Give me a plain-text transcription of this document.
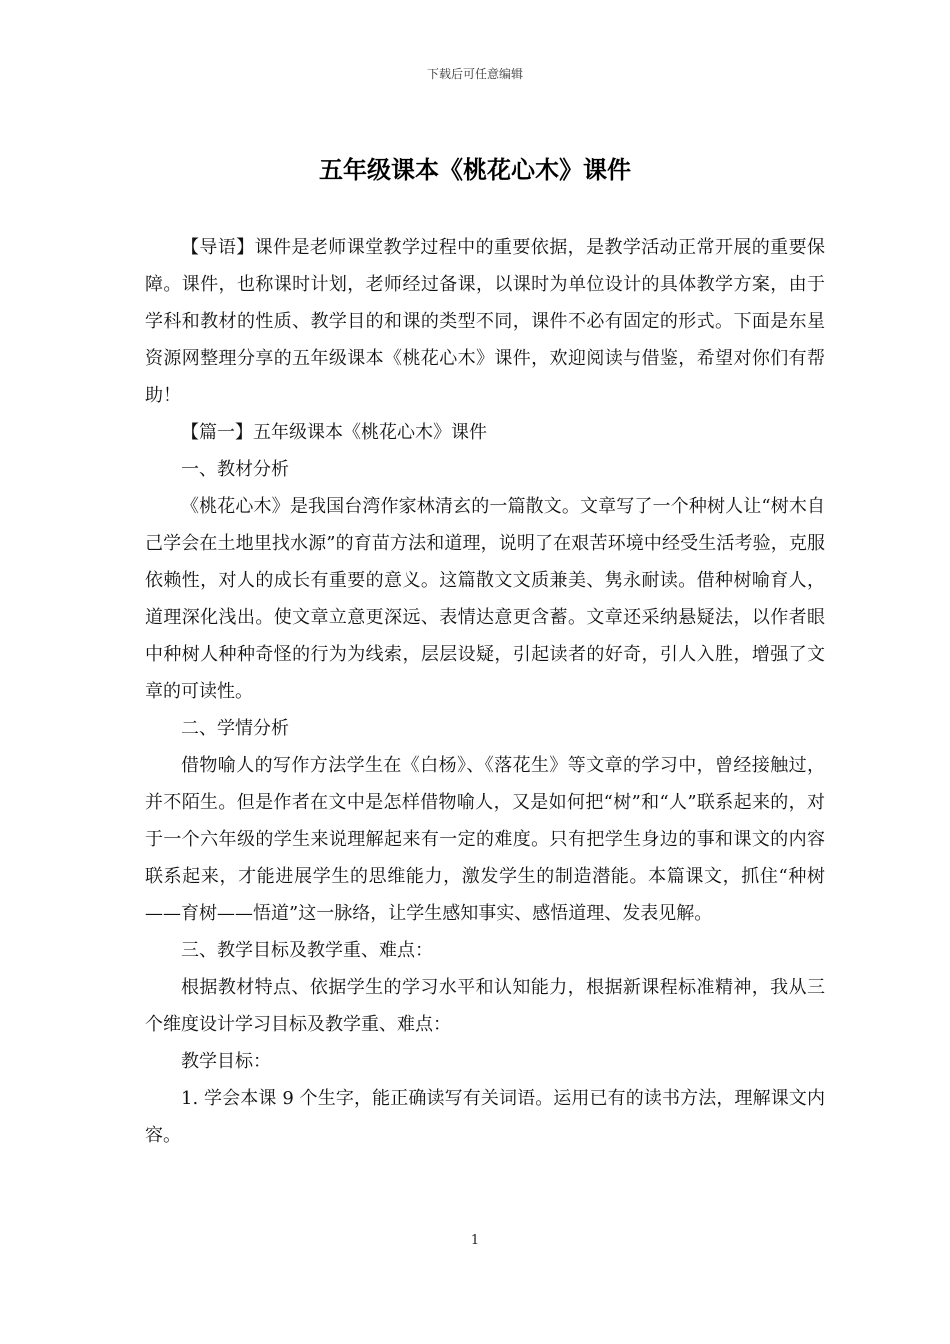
下载后可任意编辑
五年级课本《桃花心木》课件

【导语】课件是老师课堂教学过程中的重要依据，是教学活动正常开展的重要保障。课件，也称课时计划，老师经过备课，以课时为单位设计的具体教学方案，由于学科和教材的性质、教学目的和课的类型不同，课件不必有固定的形式。下面是东星资源网整理分享的五年级课本《桃花心木》课件，欢迎阅读与借鉴，希望对你们有帮助！

【篇一】五年级课本《桃花心木》课件

一、教材分析

《桃花心木》是我国台湾作家林清玄的一篇散文。文章写了一个种树人让“树木自己学会在土地里找水源”的育苗方法和道理，说明了在艰苦环境中经受生活考验，克服依赖性，对人的成长有重要的意义。这篇散文文质兼美、隽永耐读。借种树喻育人，道理深化浅出。使文章立意更深远、表情达意更含蓄。文章还采纳悬疑法，以作者眼中种树人种种奇怪的行为为线索，层层设疑，引起读者的好奇，引人入胜，增强了文章的可读性。

二、学情分析

借物喻人的写作方法学生在《白杨》、《落花生》等文章的学习中，曾经接触过，并不陌生。但是作者在文中是怎样借物喻人，又是如何把“树”和“人”联系起来的，对于一个六年级的学生来说理解起来有一定的难度。只有把学生身边的事和课文的内容联系起来，才能进展学生的思维能力，激发学生的制造潜能。本篇课文，抓住“种树——育树——悟道”这一脉络，让学生感知事实、感悟道理、发表见解。

三、教学目标及教学重、难点：

根据教材特点、依据学生的学习水平和认知能力，根据新课程标准精神，我从三个维度设计学习目标及教学重、难点：

教学目标：

1. 学会本课 9 个生字，能正确读写有关词语。运用已有的读书方法，理解课文内容。

1
